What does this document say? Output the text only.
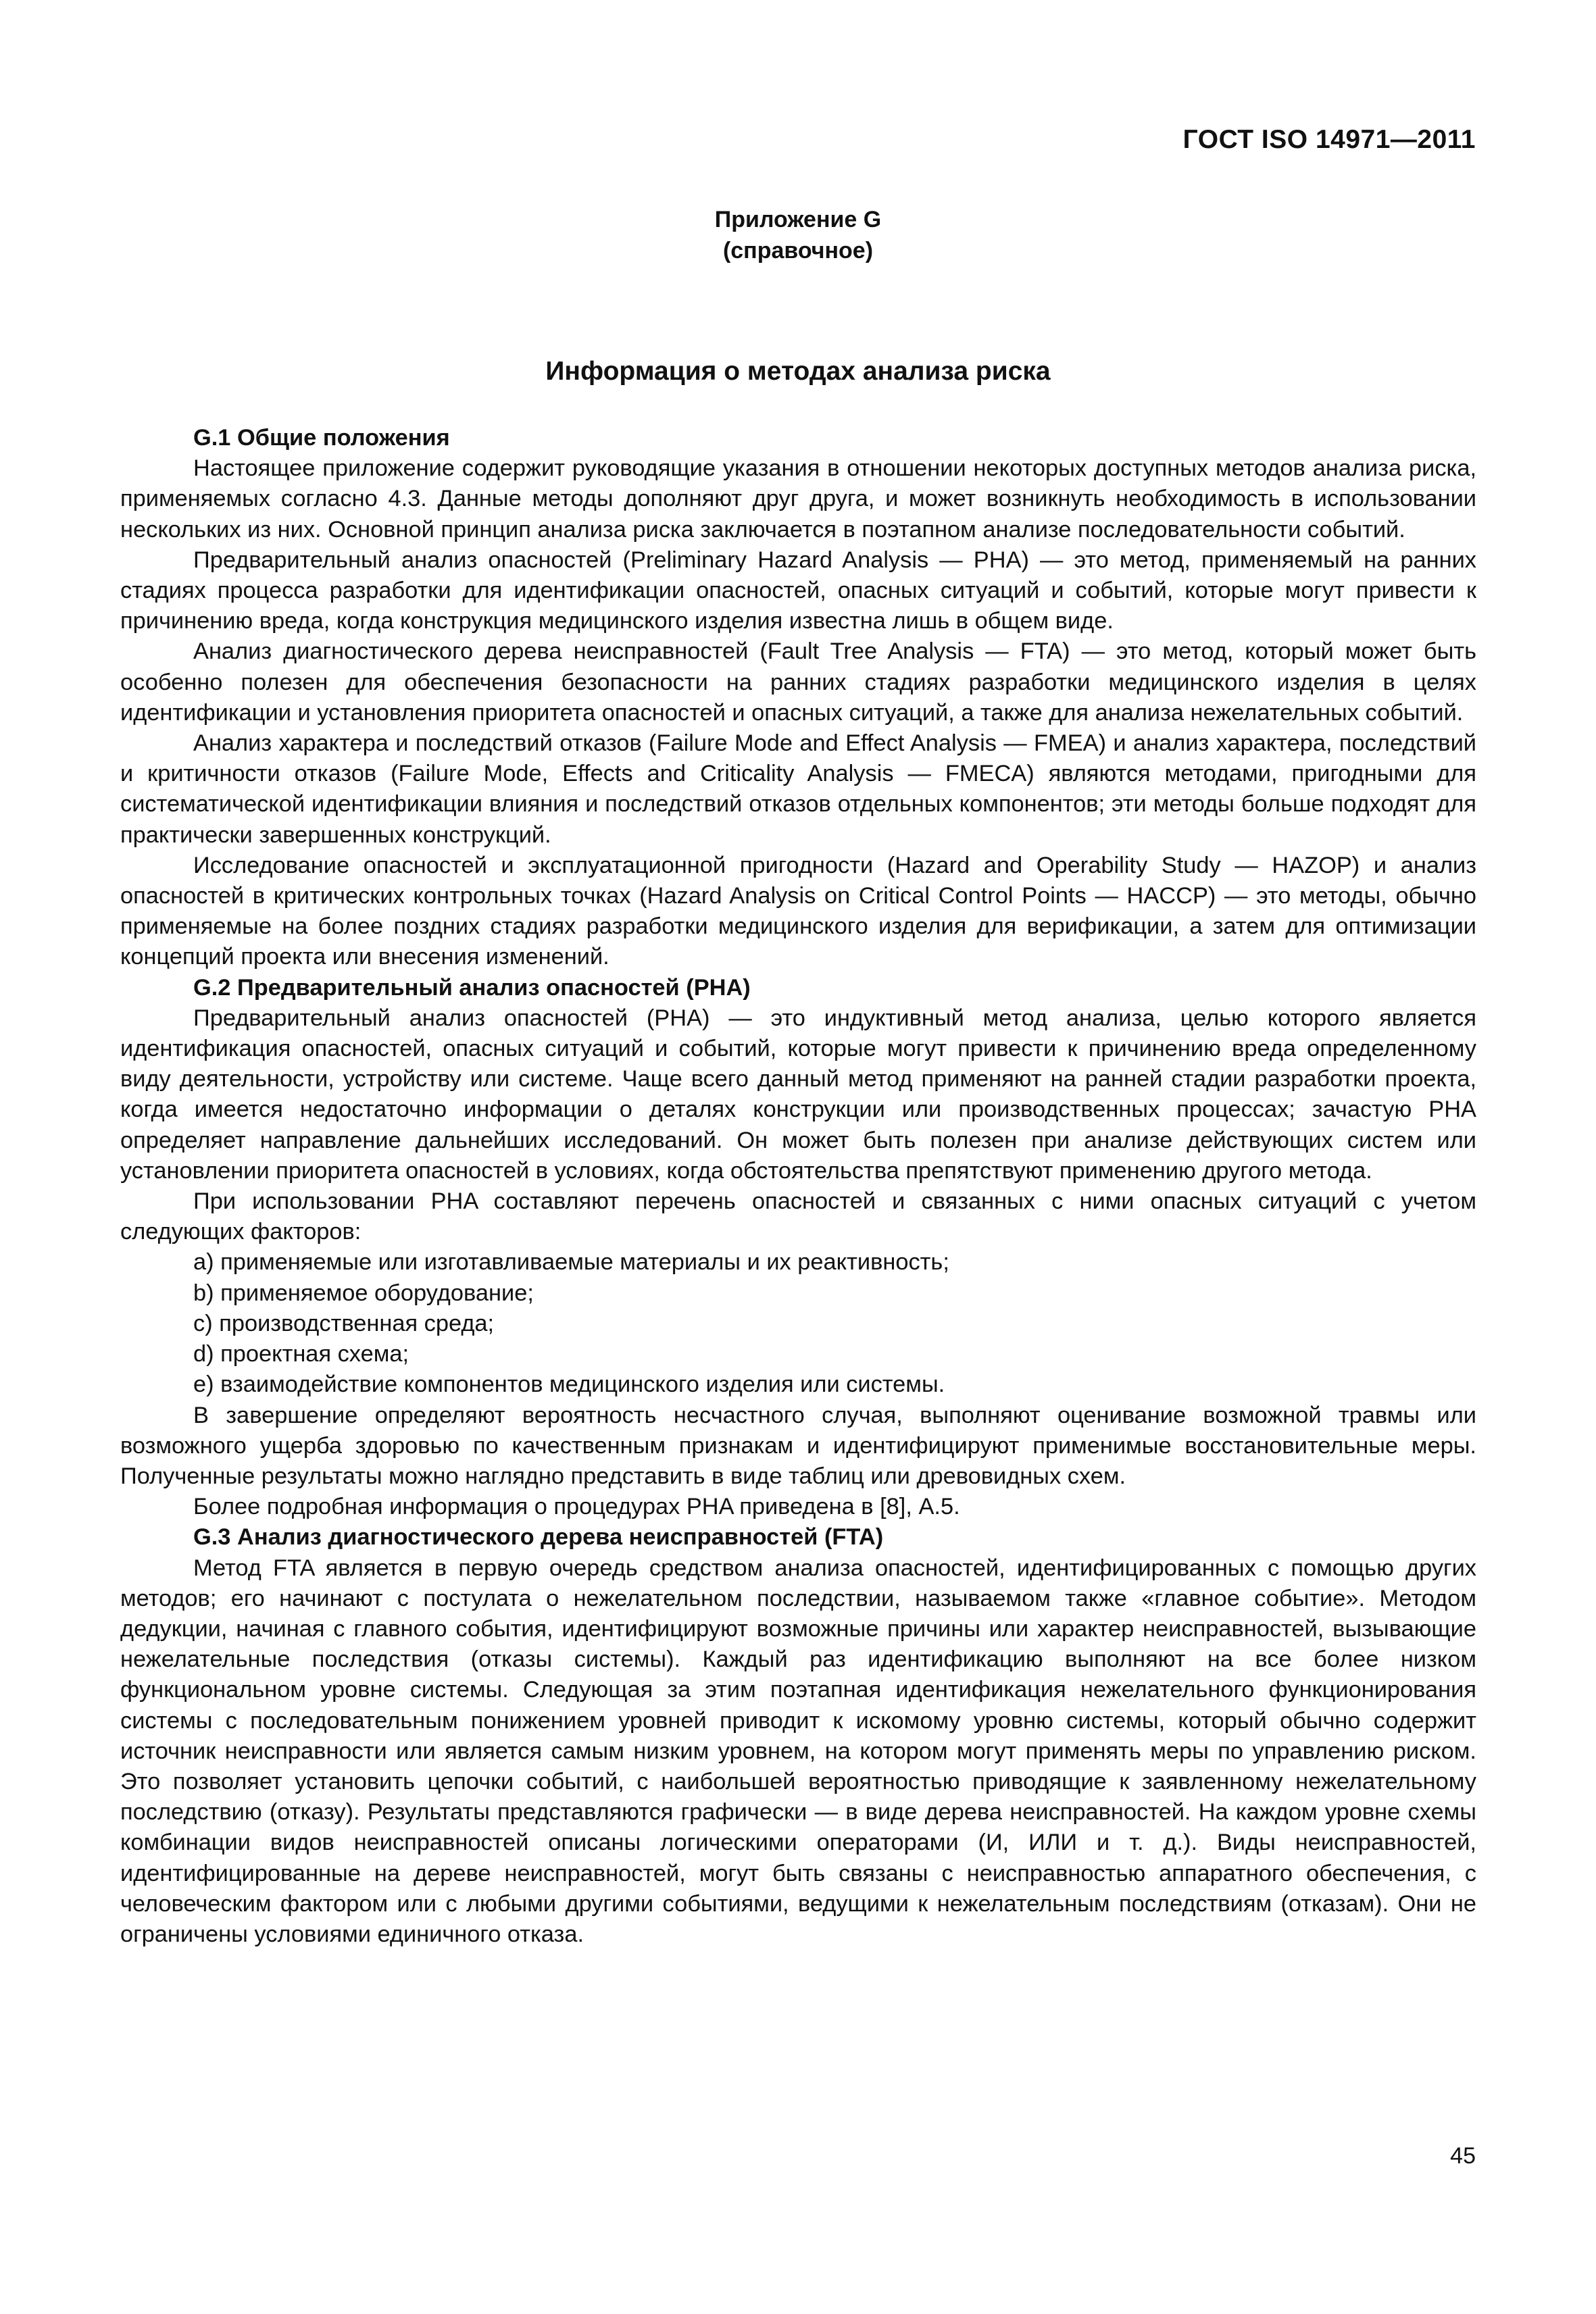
ГОСТ ISO 14971—2011
Приложение G
(справочное)
Информация о методах анализа риска
G.1 Общие положения

Настоящее приложение содержит руководящие указания в отношении некоторых доступных методов анализа риска, применяемых согласно 4.3. Данные методы дополняют друг друга, и может возникнуть необходимость в использовании нескольких из них. Основной принцип анализа риска заключается в поэтапном анализе последовательности событий.

Предварительный анализ опасностей (Preliminary Hazard Analysis — PHA) — это метод, применяемый на ранних стадиях процесса разработки для идентификации опасностей, опасных ситуаций и событий, которые могут привести к причинению вреда, когда конструкция медицинского изделия известна лишь в общем виде.

Анализ диагностического дерева неисправностей (Fault Tree Analysis — FTA) — это метод, который может быть особенно полезен для обеспечения безопасности на ранних стадиях разработки медицинского изделия в целях идентификации и установления приоритета опасностей и опасных ситуаций, а также для анализа нежелательных событий.

Анализ характера и последствий отказов (Failure Mode and Effect Analysis — FMEA) и анализ характера, последствий и критичности отказов (Failure Mode, Effects and Criticality Analysis — FMECA) являются методами, пригодными для систематической идентификации влияния и последствий отказов отдельных компонентов; эти методы больше подходят для практически завершенных конструкций.

Исследование опасностей и эксплуатационной пригодности (Hazard and Operability Study — HAZOP) и анализ опасностей в критических контрольных точках (Hazard Analysis on Critical Control Points — HACCP) — это методы, обычно применяемые на более поздних стадиях разработки медицинского изделия для верификации, а затем для оптимизации концепций проекта или внесения изменений.

G.2 Предварительный анализ опасностей (PHA)

Предварительный анализ опасностей (PHA) — это индуктивный метод анализа, целью которого является идентификация опасностей, опасных ситуаций и событий, которые могут привести к причинению вреда определенному виду деятельности, устройству или системе. Чаще всего данный метод применяют на ранней стадии разработки проекта, когда имеется недостаточно информации о деталях конструкции или производственных процессах; зачастую PHA определяет направление дальнейших исследований. Он может быть полезен при анализе действующих систем или установлении приоритета опасностей в условиях, когда обстоятельства препятствуют применению другого метода.

При использовании PHA составляют перечень опасностей и связанных с ними опасных ситуаций с учетом следующих факторов:

a) применяемые или изготавливаемые материалы и их реактивность;
b) применяемое оборудование;
c) производственная среда;
d) проектная схема;
e) взаимодействие компонентов медицинского изделия или системы.

В завершение определяют вероятность несчастного случая, выполняют оценивание возможной травмы или возможного ущерба здоровью по качественным признакам и идентифицируют применимые восстановительные меры. Полученные результаты можно наглядно представить в виде таблиц или древовидных схем.

Более подробная информация о процедурах PHA приведена в [8], A.5.

G.3 Анализ диагностического дерева неисправностей (FTA)

Метод FTA является в первую очередь средством анализа опасностей, идентифицированных с помощью других методов; его начинают с постулата о нежелательном последствии, называемом также «главное событие». Методом дедукции, начиная с главного события, идентифицируют возможные причины или характер неисправностей, вызывающие нежелательные последствия (отказы системы). Каждый раз идентификацию выполняют на все более низком функциональном уровне системы. Следующая за этим поэтапная идентификация нежелательного функционирования системы с последовательным понижением уровней приводит к искомому уровню системы, который обычно содержит источник неисправности или является самым низким уровнем, на котором могут применять меры по управлению риском. Это позволяет установить цепочки событий, с наибольшей вероятностью приводящие к заявленному нежелательному последствию (отказу). Результаты представляются графически — в виде дерева неисправностей. На каждом уровне схемы комбинации видов неисправностей описаны логическими операторами (И, ИЛИ и т. д.). Виды неисправностей, идентифицированные на дереве неисправностей, могут быть связаны с неисправностью аппаратного обеспечения, с человеческим фактором или с любыми другими событиями, ведущими к нежелательным последствиям (отказам). Они не ограничены условиями единичного отказа.

45
